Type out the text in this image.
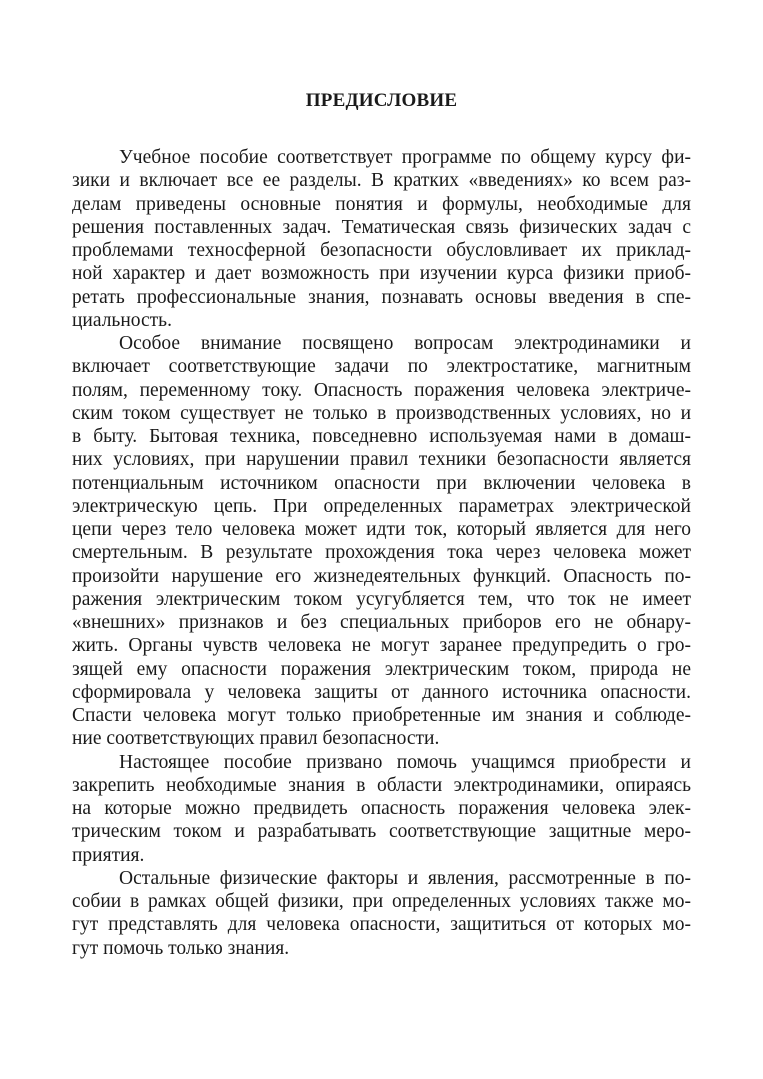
ПРЕДИСЛОВИЕ
Учебное пособие соответствует программе по общему курсу фи-
зики и включает все ее разделы. В кратких «введениях» ко всем раз-
делам приведены основные понятия и формулы, необходимые для
решения поставленных задач. Тематическая связь физических задач с
проблемами техносферной безопасности обусловливает их приклад-
ной характер и дает возможность при изучении курса физики приоб-
ретать профессиональные знания, познавать основы введения в спе-
циальность.
Особое внимание посвящено вопросам электродинамики и
включает соответствующие задачи по электростатике, магнитным
полям, переменному току. Опасность поражения человека электриче-
ским током существует не только в производственных условиях, но и
в быту. Бытовая техника, повседневно используемая нами в домаш-
них условиях, при нарушении правил техники безопасности является
потенциальным источником опасности при включении человека в
электрическую цепь. При определенных параметрах электрической
цепи через тело человека может идти ток, который является для него
смертельным. В результате прохождения тока через человека может
произойти нарушение его жизнедеятельных функций. Опасность по-
ражения электрическим током усугубляется тем, что ток не имеет
«внешних» признаков и без специальных приборов его не обнару-
жить. Органы чувств человека не могут заранее предупредить о гро-
зящей ему опасности поражения электрическим током, природа не
сформировала у человека защиты от данного источника опасности.
Спасти человека могут только приобретенные им знания и соблюде-
ние соответствующих правил безопасности.
Настоящее пособие призвано помочь учащимся приобрести и
закрепить необходимые знания в области электродинамики, опираясь
на которые можно предвидеть опасность поражения человека элек-
трическим током и разрабатывать соответствующие защитные меро-
приятия.
Остальные физические факторы и явления, рассмотренные в по-
собии в рамках общей физики, при определенных условиях также мо-
гут представлять для человека опасности, защититься от которых мо-
гут помочь только знания.
